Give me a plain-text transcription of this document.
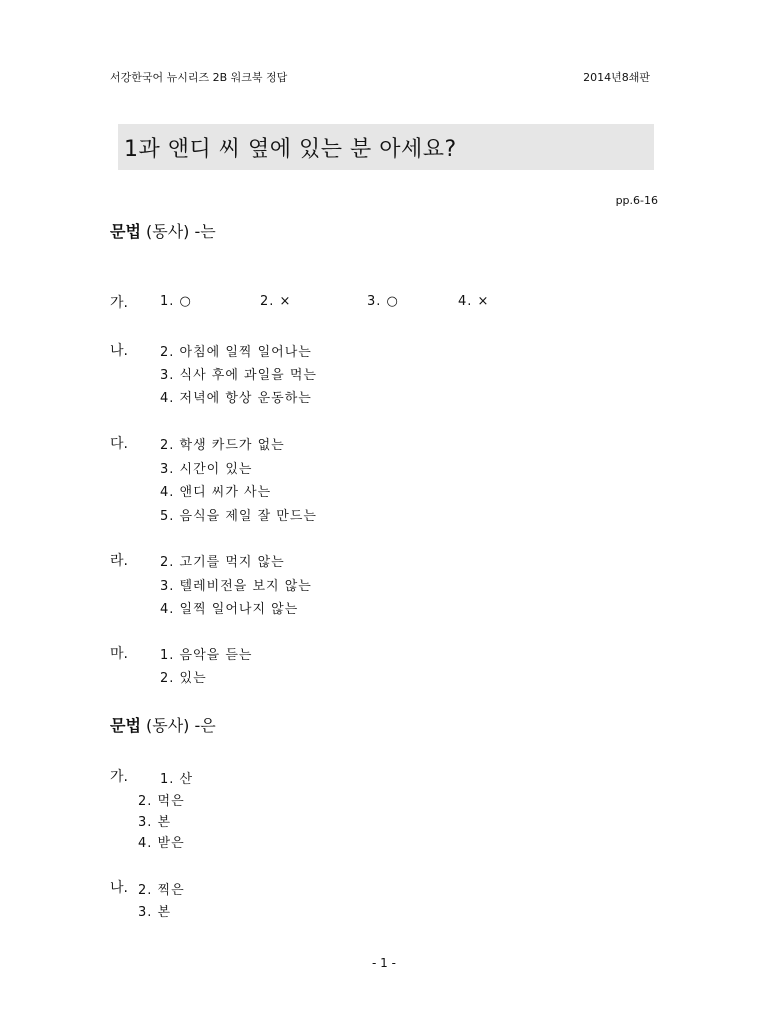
서강한국어 뉴시리즈 2B 워크북 정답	2014년8쇄판
1과 앤디 씨 옆에 있는 분 아세요?
pp.6-16
문법 (동사) -는
가. 1. ○	2. ×	3. ○	4. ×
나. 2. 아침에 일찍 일어나는
3. 식사 후에 과일을 먹는
4. 저녁에 항상 운동하는
다. 2. 학생 카드가 없는
3. 시간이 있는
4. 앤디 씨가 사는
5. 음식을 제일 잘 만드는
라. 2. 고기를 먹지 않는
3. 텔레비전을 보지 않는
4. 일찍 일어나지 않는
마. 1. 음악을 듣는
2. 있는
문법 (동사) -은
가. 1. 산
2. 먹은
3. 본
4. 받은
나. 2. 찍은
3. 본
- 1 -
